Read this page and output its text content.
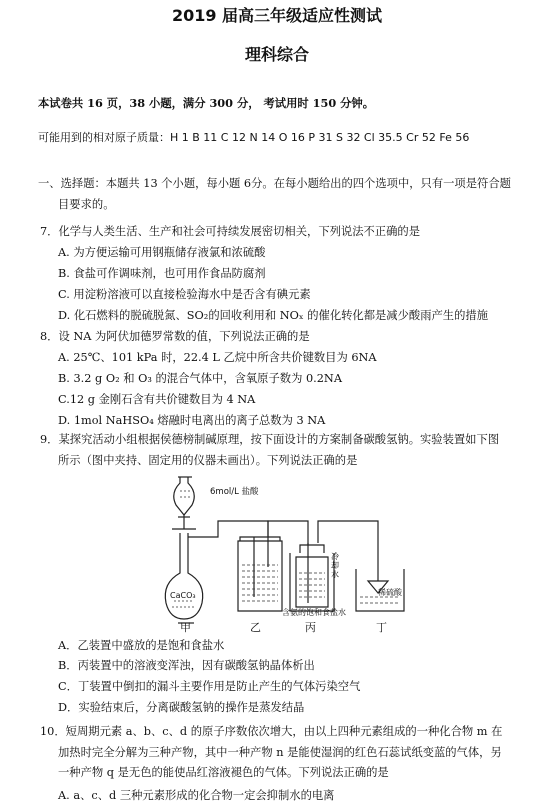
2019 届高三年级适应性测试
理科综合
本试卷共 16 页，38 小题，满分 300 分， 考试用时 150 分钟。
可能用到的相对原子质量：H 1 B 11 C 12 N 14 O 16 P 31 S 32 Cl 35.5 Cr 52 Fe 56
一、选择题：本题共 13 个小题，每小题 6分。在每小题给出的四个选项中，只有一项是符合题
目要求的。
7．化学与人类生活、生产和社会可持续发展密切相关，下列说法不正确的是
A. 为方便运输可用钢瓶储存液氯和浓硫酸
B. 食盐可作调味剂，也可用作食品防腐剂
C. 用淀粉溶液可以直接检验海水中是否含有碘元素
D. 化石燃料的脱硫脱氮、SO₂的回收利用和 NOₓ 的催化转化都是减少酸雨产生的措施
8．设 NA 为阿伏加德罗常数的值，下列说法正确的是
A. 25℃、101 kPa 时，22.4 L 乙烷中所含共价键数目为 6NA
B. 3.2 g O₂ 和 O₃ 的混合气体中，含氧原子数为 0.2NA
C.12 g 金刚石含有共价键数目为 4 NA
D. 1mol NaHSO₄ 熔融时电离出的离子总数为 3 NA
9．某探究活动小组根据侯德榜制碱原理，按下面设计的方案制备碳酸氢钠。实验装置如下图
所示（图中夹持、固定用的仪器未画出）。下列说法正确的是
6mol/L 盐酸
CaCO₃
冷
却
水
含氨的饱和食盐水
稀硫酸
甲	乙	丙	丁
A．乙装置中盛放的是饱和食盐水
B．丙装置中的溶液变浑浊，因有碳酸氢钠晶体析出
C．丁装置中倒扣的漏斗主要作用是防止产生的气体污染空气
D．实验结束后，分离碳酸氢钠的操作是蒸发结晶
10．短周期元素 a、b、c、d 的原子序数依次增大，由以上四种元素组成的一种化合物 m 在
加热时完全分解为三种产物，其中一种产物 n 是能使湿润的红色石蕊试纸变蓝的气体，另
一种产物 q 是无色的能使品红溶液褪色的气体。下列说法正确的是
A. a、c、d 三种元素形成的化合物一定会抑制水的电离
